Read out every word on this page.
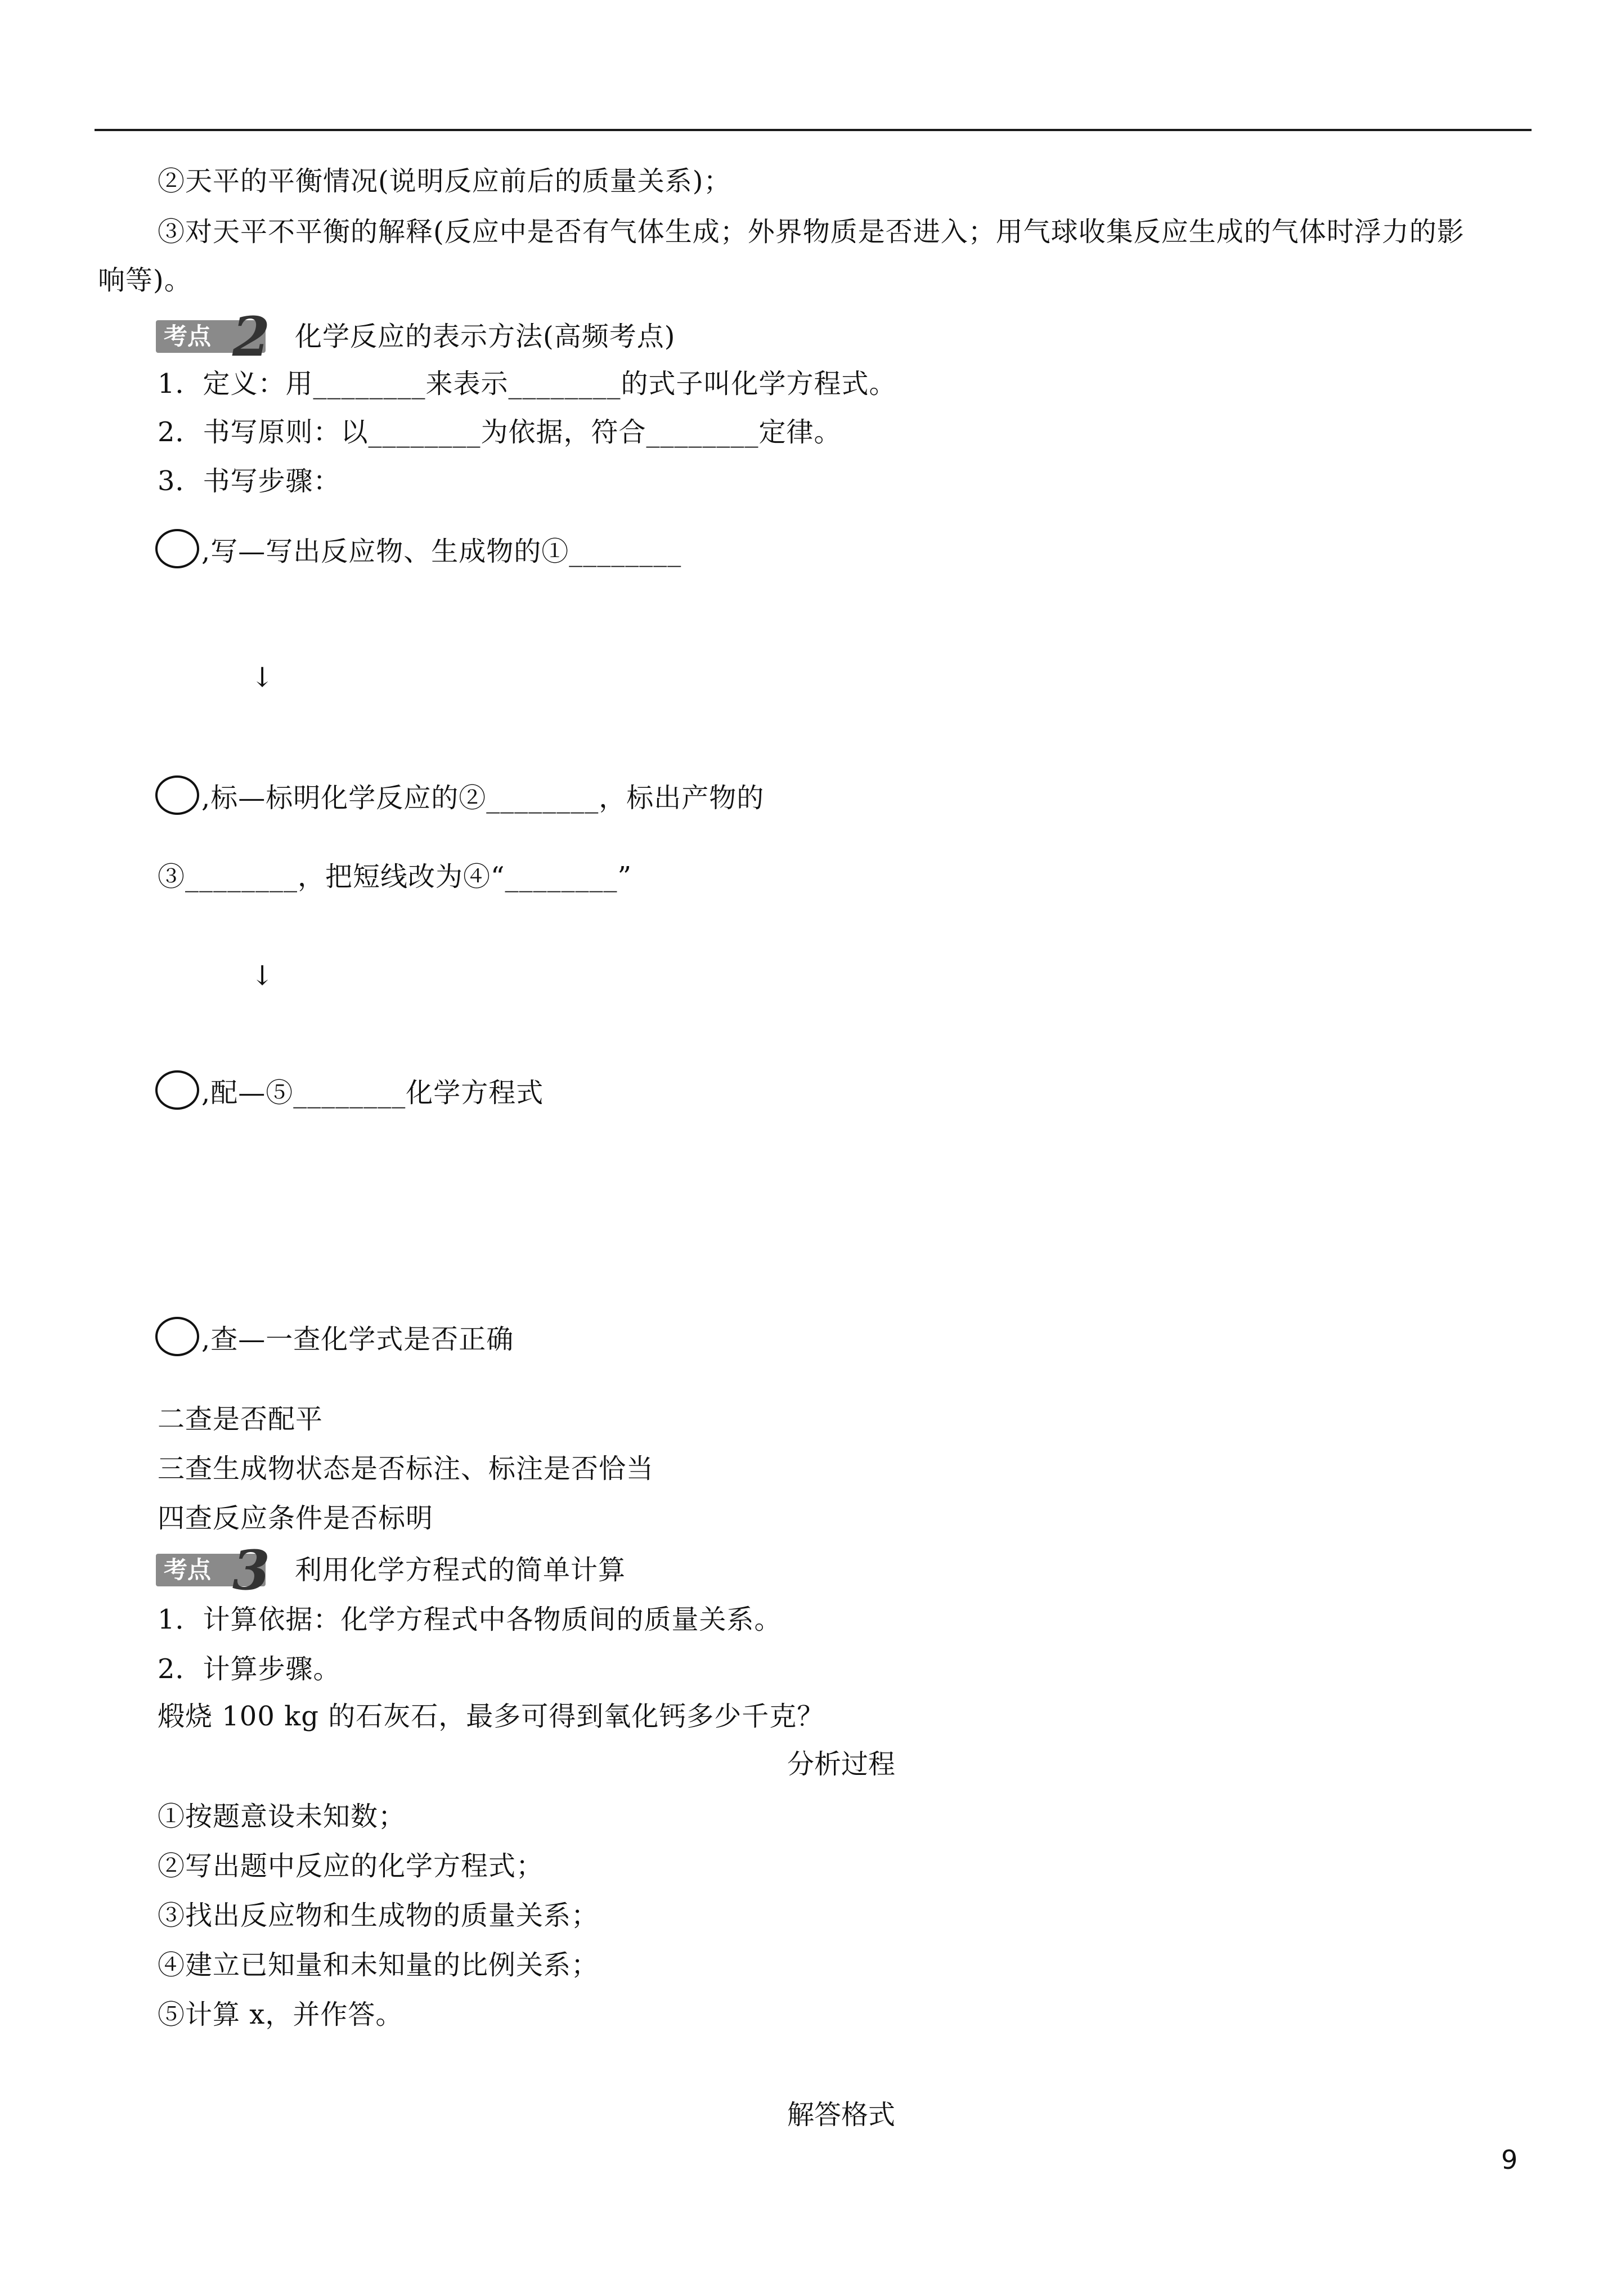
②天平的平衡情况(说明反应前后的质量关系)；
③对天平不平衡的解释(反应中是否有气体生成；外界物质是否进入；用气球收集反应生成的气体时浮力的影
响等)。
考点 2 化学反应的表示方法(高频考点)
1．定义：用________来表示________的式子叫化学方程式。
2．书写原则：以________为依据，符合________定律。
3．书写步骤：
,写—写出反应物、生成物的①________
↓
,标—标明化学反应的②________，标出产物的
③________，把短线改为④“________”
↓
,配—⑤________化学方程式
,查—一查化学式是否正确
二查是否配平
三查生成物状态是否标注、标注是否恰当
四查反应条件是否标明
考点 3 利用化学方程式的简单计算
1．计算依据：化学方程式中各物质间的质量关系。
2．计算步骤。
煅烧 100 kg 的石灰石，最多可得到氧化钙多少千克？
分析过程
①按题意设未知数；
②写出题中反应的化学方程式；
③找出反应物和生成物的质量关系；
④建立已知量和未知量的比例关系；
⑤计算 x，并作答。
解答格式
9
